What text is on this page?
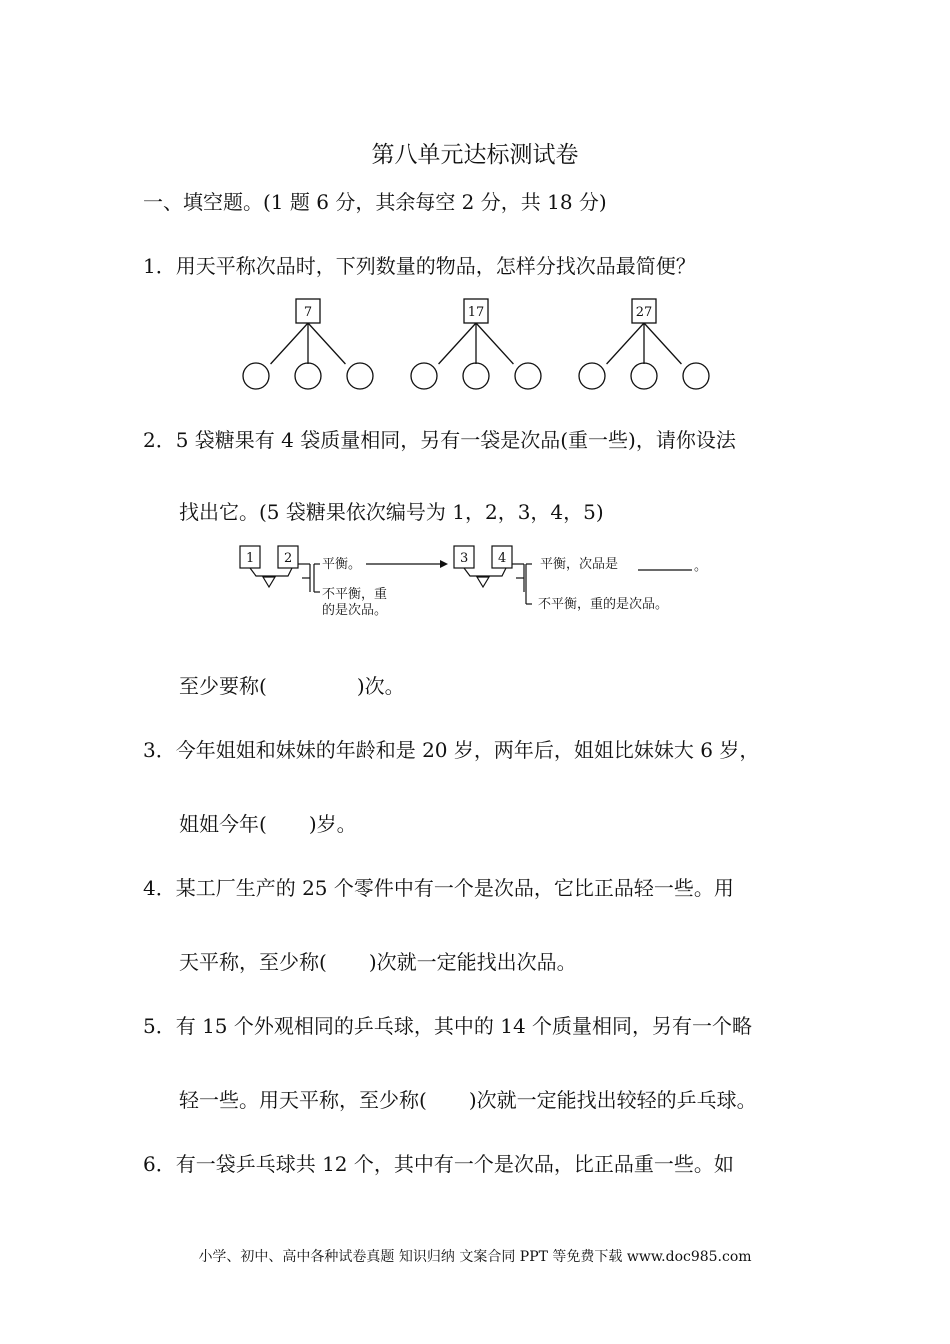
第八单元达标测试卷
一、填空题。(1 题 6 分，其余每空 2 分，共 18 分)
1．用天平称次品时，下列数量的物品，怎样分找次品最简便？
7	17	27
2．5 袋糖果有 4 袋质量相同，另有一袋是次品(重一些)，请你设法
找出它。(5 袋糖果依次编号为 1，2，3，4，5)
1 2	3 4
平衡。
不平衡，重
的是次品。
平衡，次品是	。
不平衡，重的是次品。
至少要称(	)次。
3．今年姐姐和妹妹的年龄和是 20 岁，两年后，姐姐比妹妹大 6 岁，
姐姐今年( )岁。
4．某工厂生产的 25 个零件中有一个是次品，它比正品轻一些。用
天平称，至少称( )次就一定能找出次品。
5．有 15 个外观相同的乒乓球，其中的 14 个质量相同，另有一个略
轻一些。用天平称，至少称( )次就一定能找出较轻的乒乓球。
6．有一袋乒乓球共 12 个，其中有一个是次品，比正品重一些。如
小学、初中、高中各种试卷真题 知识归纳 文案合同 PPT 等免费下载 www.doc985.com
